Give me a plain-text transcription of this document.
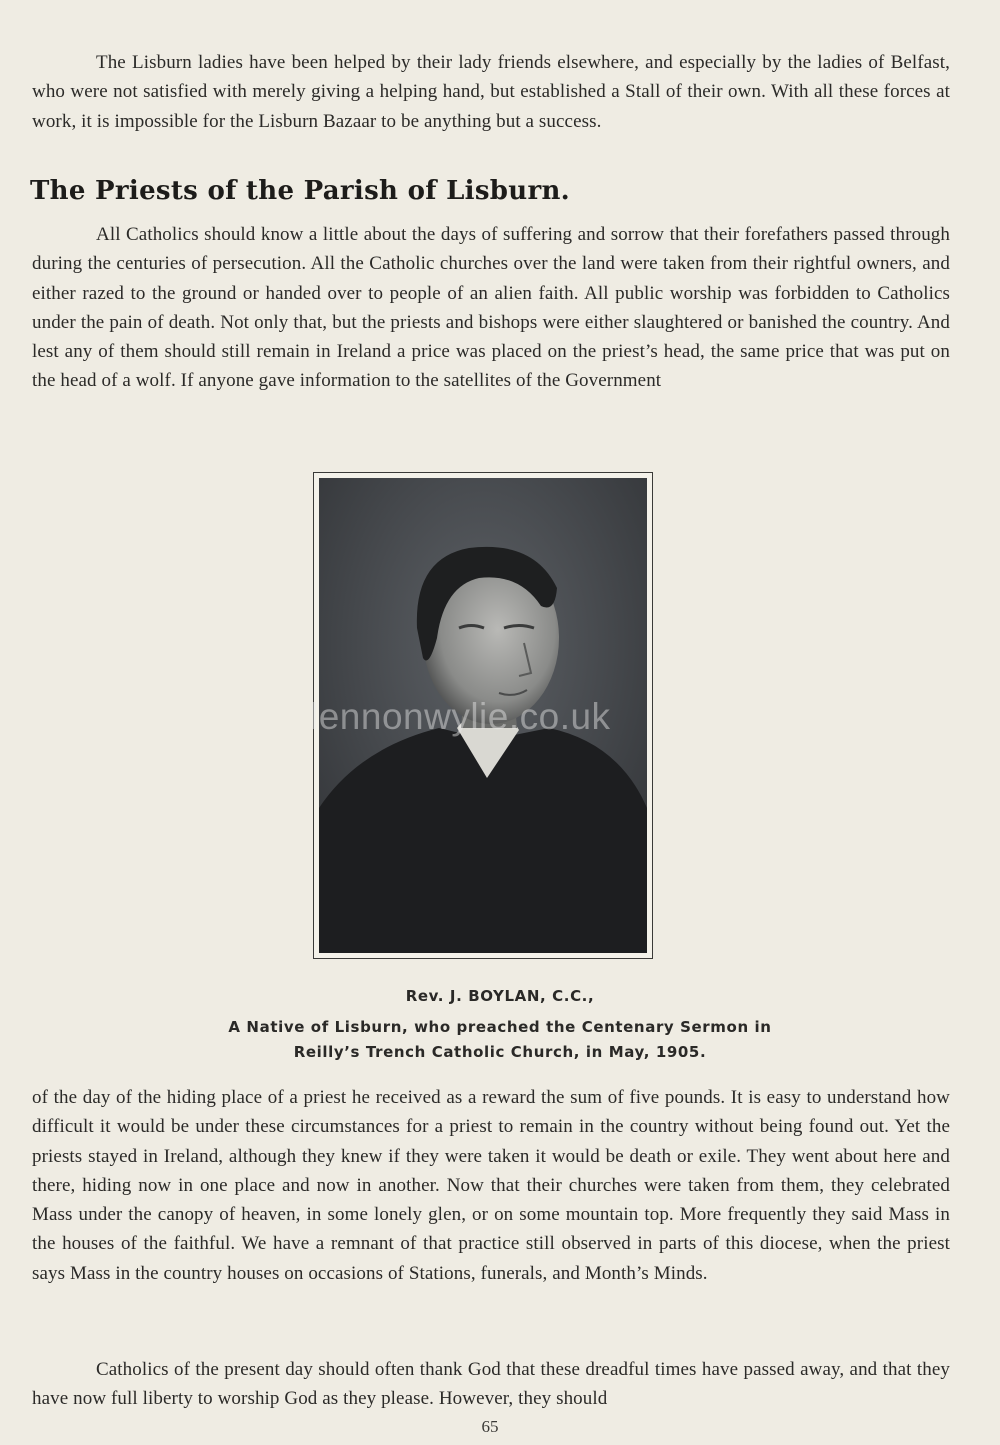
The Lisburn ladies have been helped by their lady friends elsewhere, and especially by the ladies of Belfast, who were not satisfied with merely giving a helping hand, but established a Stall of their own. With all these forces at work, it is impossible for the Lisburn Bazaar to be anything but a success.

The Priests of the Parish of Lisburn.

All Catholics should know a little about the days of suffering and sorrow that their forefathers passed through during the centuries of persecution. All the Catholic churches over the land were taken from their rightful owners, and either razed to the ground or handed over to people of an alien faith. All public worship was forbidden to Catholics under the pain of death. Not only that, but the priests and bishops were either slaughtered or banished the country. And lest any of them should still remain in Ireland a price was placed on the priest’s head, the same price that was put on the head of a wolf. If anyone gave information to the satellites of the Government

lennonwylie.co.uk

Rev. J. BOYLAN, C.C.,

A Native of Lisburn, who preached the Centenary Sermon in

Reilly’s Trench Catholic Church, in May, 1905.

of the day of the hiding place of a priest he received as a reward the sum of five pounds. It is easy to understand how difficult it would be under these circumstances for a priest to remain in the country without being found out. Yet the priests stayed in Ireland, although they knew if they were taken it would be death or exile. They went about here and there, hiding now in one place and now in another. Now that their churches were taken from them, they celebrated Mass under the canopy of heaven, in some lonely glen, or on some mountain top. More frequently they said Mass in the houses of the faithful. We have a remnant of that practice still observed in parts of this diocese, when the priest says Mass in the country houses on occasions of Stations, funerals, and Month’s Minds.

Catholics of the present day should often thank God that these dreadful times have passed away, and that they have now full liberty to worship God as they please. However, they should

65
